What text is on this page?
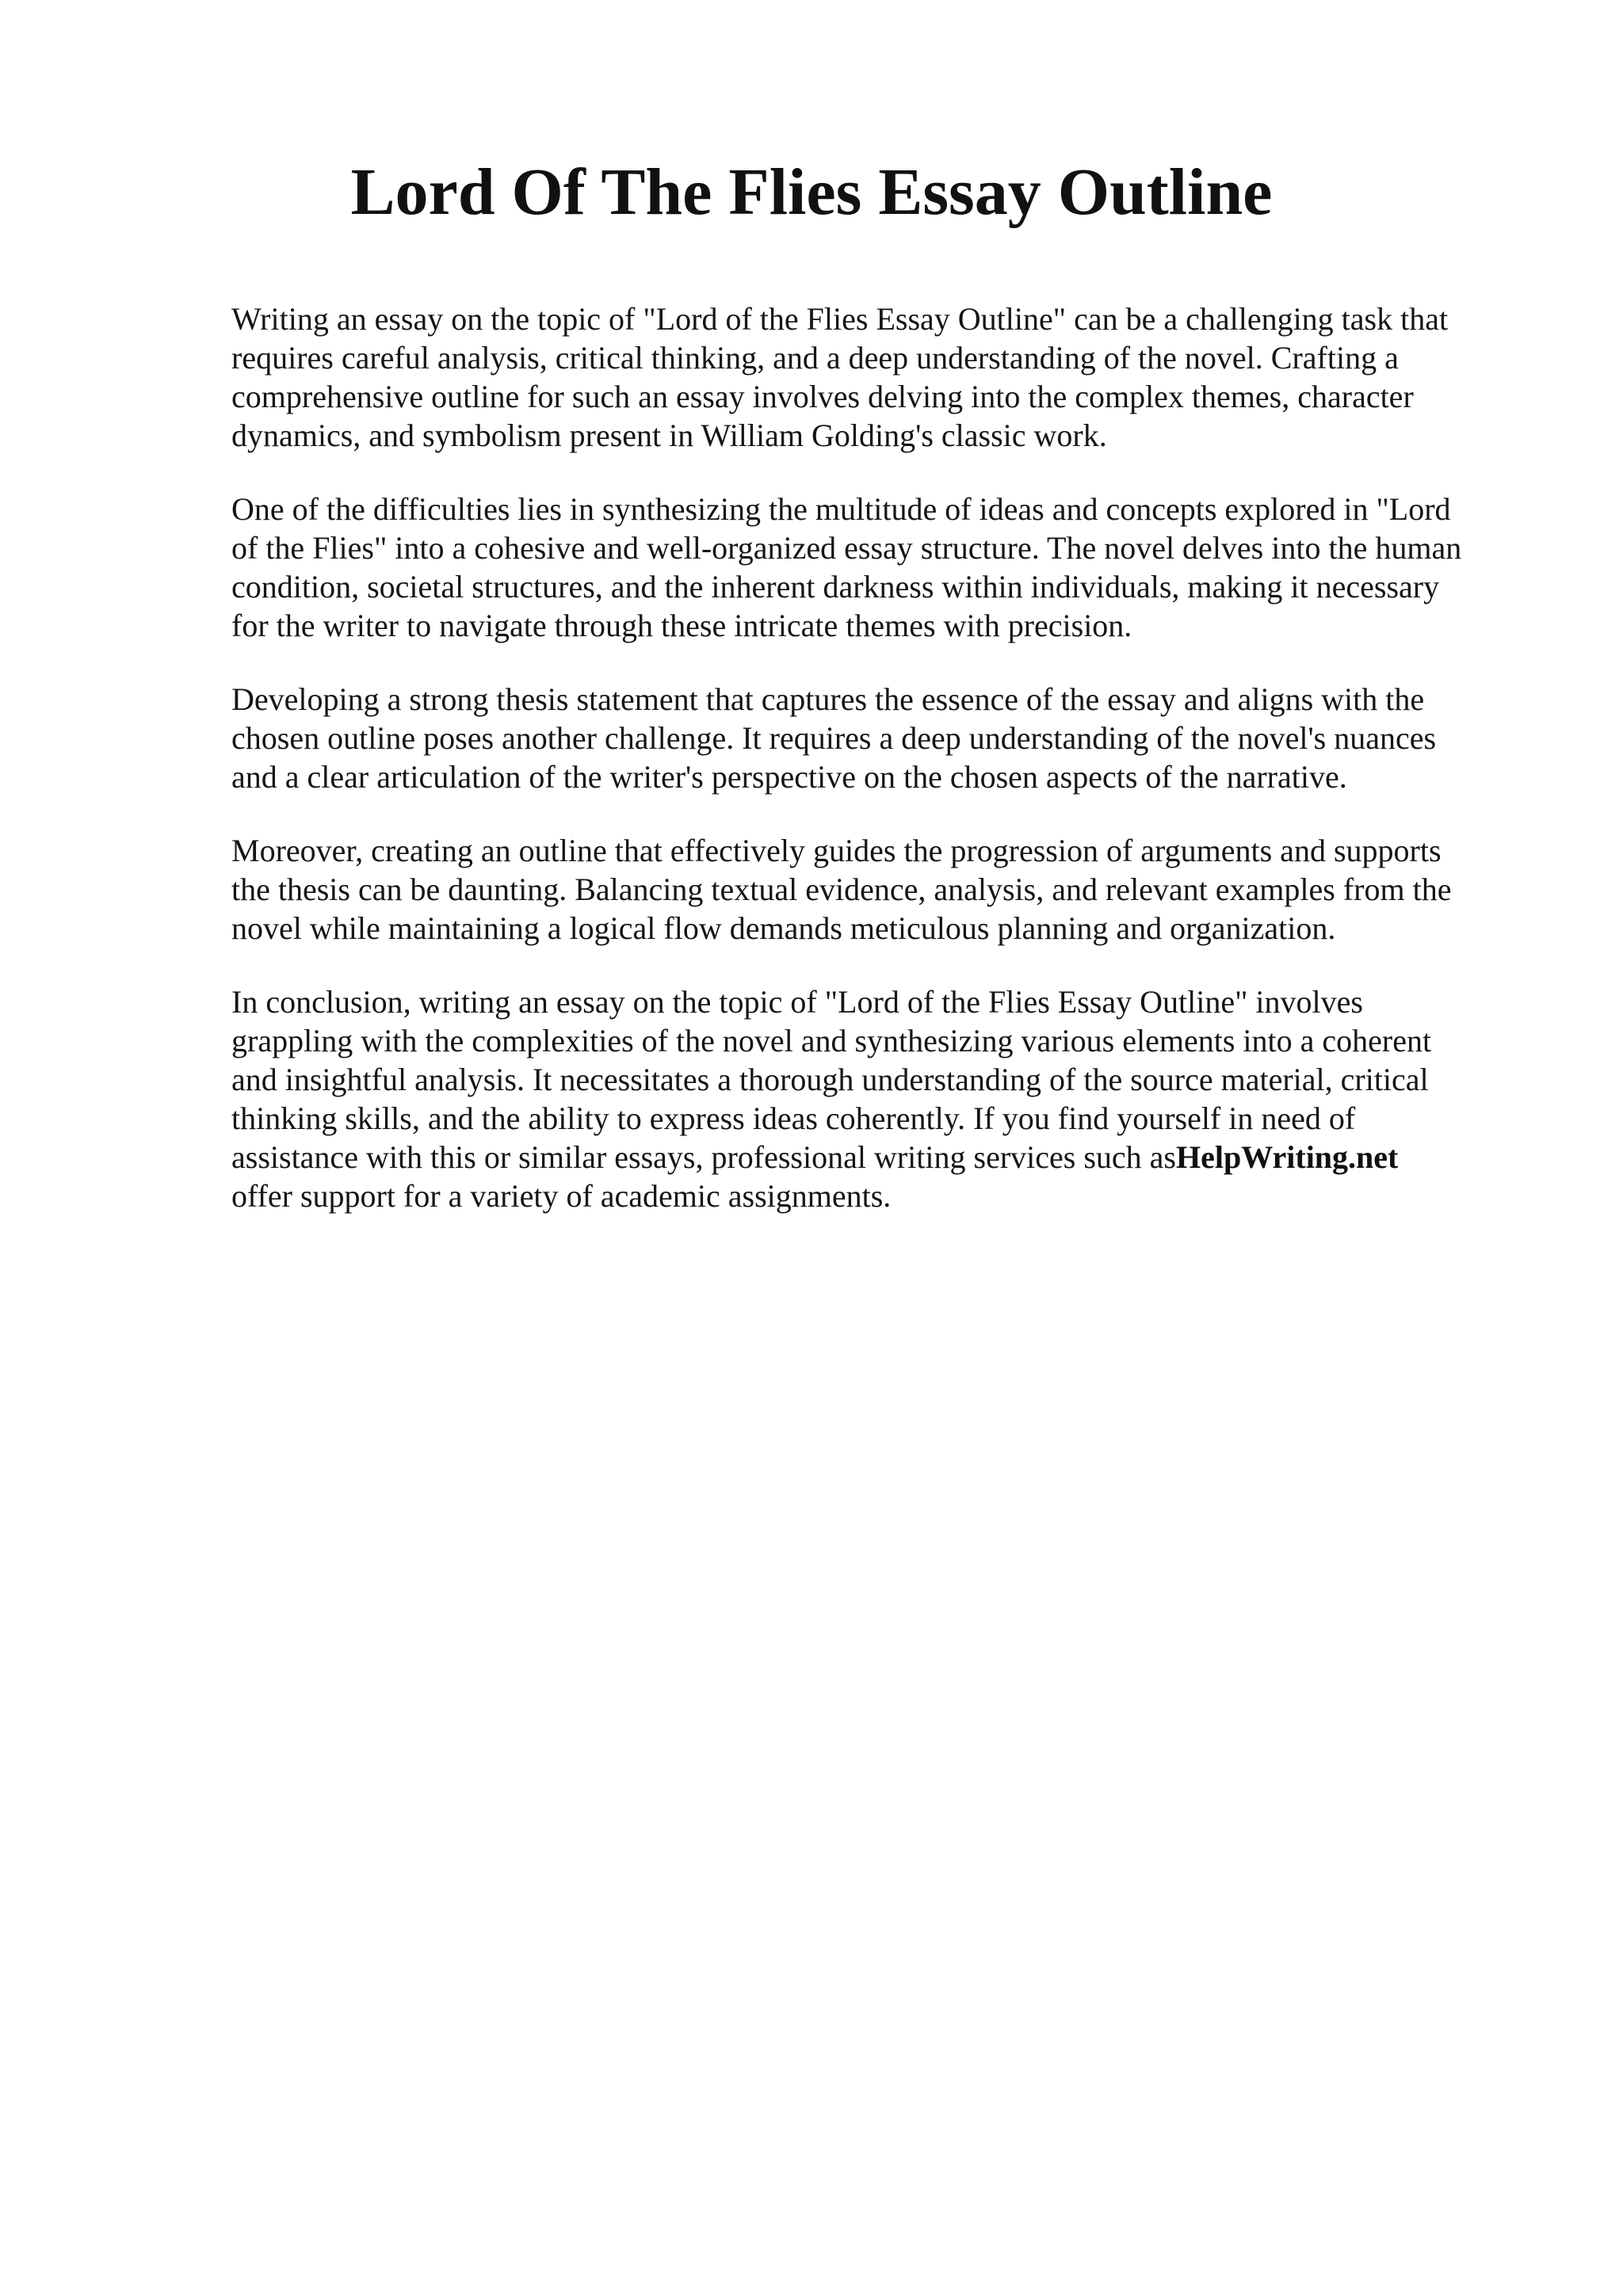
Lord Of The Flies Essay Outline

Writing an essay on the topic of "Lord of the Flies Essay Outline" can be a challenging task that
requires careful analysis, critical thinking, and a deep understanding of the novel. Crafting a
comprehensive outline for such an essay involves delving into the complex themes, character
dynamics, and symbolism present in William Golding's classic work.

One of the difficulties lies in synthesizing the multitude of ideas and concepts explored in "Lord
of the Flies" into a cohesive and well-organized essay structure. The novel delves into the human
condition, societal structures, and the inherent darkness within individuals, making it necessary
for the writer to navigate through these intricate themes with precision.

Developing a strong thesis statement that captures the essence of the essay and aligns with the
chosen outline poses another challenge. It requires a deep understanding of the novel's nuances
and a clear articulation of the writer's perspective on the chosen aspects of the narrative.

Moreover, creating an outline that effectively guides the progression of arguments and supports
the thesis can be daunting. Balancing textual evidence, analysis, and relevant examples from the
novel while maintaining a logical flow demands meticulous planning and organization.

In conclusion, writing an essay on the topic of "Lord of the Flies Essay Outline" involves
grappling with the complexities of the novel and synthesizing various elements into a coherent
and insightful analysis. It necessitates a thorough understanding of the source material, critical
thinking skills, and the ability to express ideas coherently. If you find yourself in need of
assistance with this or similar essays, professional writing services such asHelpWriting.net
offer support for a variety of academic assignments.
